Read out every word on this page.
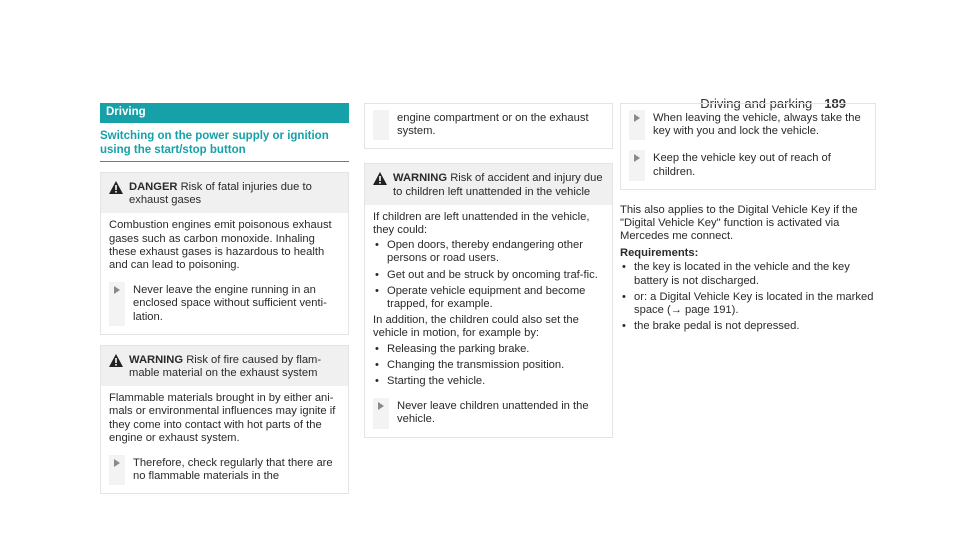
Driving and parking 189
Driving
Switching on the power supply or ignition using the start/stop button
DANGER Risk of fatal injuries due to exhaust gases
Combustion engines emit poisonous exhaust gases such as carbon monoxide. Inhaling these exhaust gases is hazardous to health and can lead to poisoning.
Never leave the engine running in an enclosed space without sufficient venti-lation.
WARNING Risk of fire caused by flam-mable material on the exhaust system
Flammable materials brought in by either ani-mals or environmental influences may ignite if they come into contact with hot parts of the engine or exhaust system.
Therefore, check regularly that there are no flammable materials in the
engine compartment or on the exhaust system.
WARNING Risk of accident and injury due to children left unattended in the vehicle
If children are left unattended in the vehicle, they could:
• Open doors, thereby endangering other persons or road users.
• Get out and be struck by oncoming traf-fic.
• Operate vehicle equipment and become trapped, for example.
In addition, the children could also set the vehicle in motion, for example by:
• Releasing the parking brake.
• Changing the transmission position.
• Starting the vehicle.
Never leave children unattended in the vehicle.
When leaving the vehicle, always take the key with you and lock the vehicle.
Keep the vehicle key out of reach of children.
This also applies to the Digital Vehicle Key if the "Digital Vehicle Key" function is activated via Mercedes me connect.
Requirements:
• the key is located in the vehicle and the key battery is not discharged.
• or: a Digital Vehicle Key is located in the marked space (→ page 191).
• the brake pedal is not depressed.
